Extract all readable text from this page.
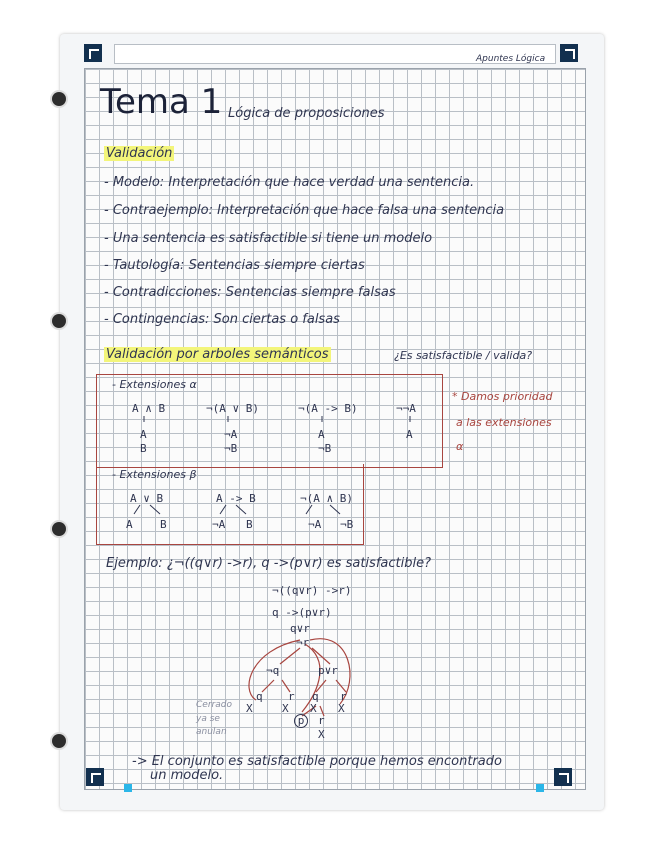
Apuntes Lógica
Tema 1 Lógica de proposiciones
Validación
- Modelo: Interpretación que hace verdad una sentencia.
- Contraejemplo: Interpretación que hace falsa una sentencia
- Una sentencia es satisfactible si tiene un modelo
- Tautología: Sentencias siempre ciertas
- Contradicciones: Sentencias siempre falsas
- Contingencias: Son ciertas o falsas
Validación por arboles semánticos	¿Es satisfactible / valida?
- Extensiones α
A ∧ B
A
B
¬(A ∨ B)
¬A
¬B
¬(A -> B)
A
¬B
¬¬A
A
* Damos prioridad
a las extensiones
α
- Extensiones β
A ∨ B
A B
A -> B
¬A B
¬(A ∧ B)
¬A ¬B
Ejemplo: ¿¬((q∨r) ->r), q ->(p∨r) es satisfactible?
¬((q∨r) ->r)
q ->(p∨r)
q∨r
¬r
¬q	p∨r
q r q r
X	X X X
p	r
X
Cerrado
ya se
anulan
-> El conjunto es satisfactible porque hemos encontrado
un modelo.
